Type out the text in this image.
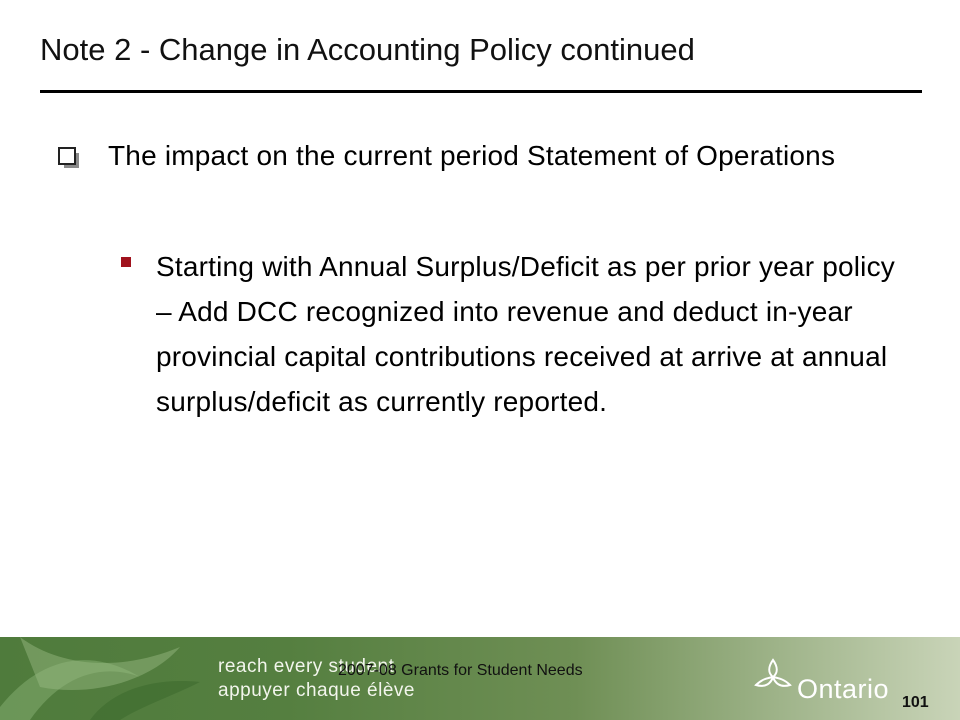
Note 2 - Change in Accounting Policy continued
The impact on the current period Statement of Operations
Starting with Annual Surplus/Deficit as per prior year policy – Add DCC recognized into revenue and deduct in-year provincial capital contributions received at arrive at annual surplus/deficit as currently reported.
reach every student
appuyer chaque élève
2007-08 Grants for Student Needs
Ontario 101
